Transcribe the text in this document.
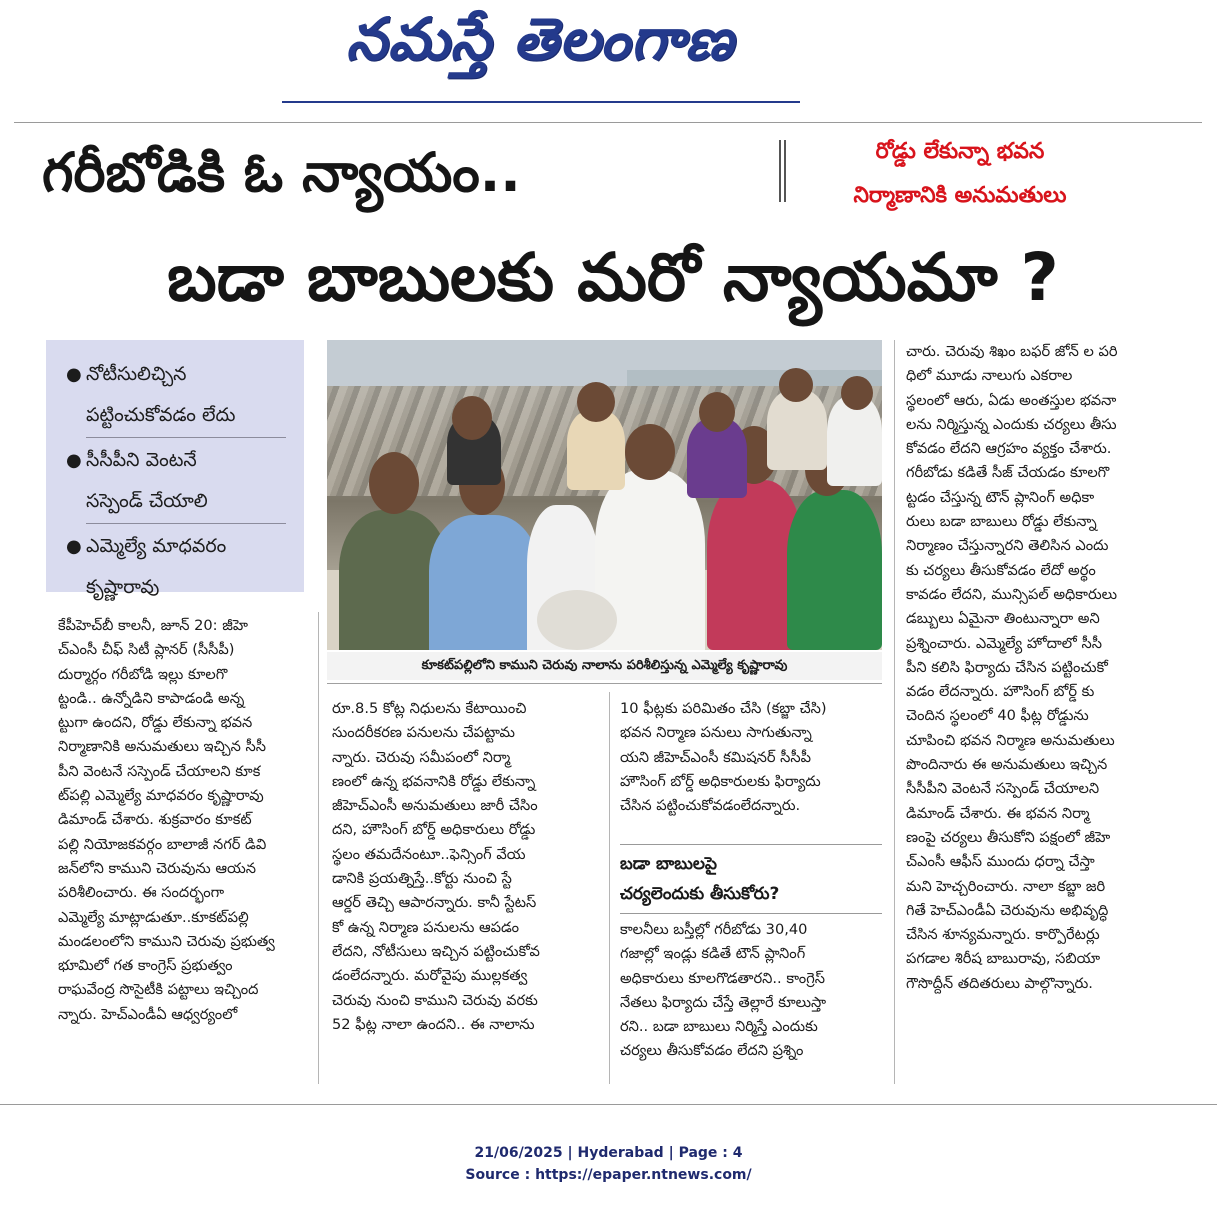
నమస్తే తెలంగాణ
గరీబోడికి ఓ న్యాయం..	రోడ్డు లేకున్నా భవన
నిర్మాణానికి అనుమతులు
బడా బాబులకు మరో న్యాయమా ?
● నోటీసులిచ్చిన
పట్టించుకోవడం లేదు
● సీసీపీని వెంటనే
సస్పెండ్ చేయాలి
● ఎమ్మెల్యే మాధవరం
కృష్ణారావు
కూకట్‌పల్లిలోని కాముని చెరువు నాలాను పరిశీలిస్తున్న ఎమ్మెల్యే కృష్ణారావు
కేపీహెచ్‌బీ కాలనీ, జూన్ 20: జీహె
చ్‌ఎంసీ చీఫ్ సిటీ ప్లానర్ (సీసీపీ)
దుర్మార్గం గరీబోడి ఇల్లు కూలగొ
ట్టండి.. ఉన్నోడిని కాపాడండి అన్న
ట్టుగా ఉందని, రోడ్డు లేకున్నా భవన
నిర్మాణానికి అనుమతులు ఇచ్చిన సీసీ
పీని వెంటనే సస్పెండ్ చేయాలని కూక
ట్‌పల్లి ఎమ్మెల్యే మాధవరం కృష్ణారావు
డిమాండ్ చేశారు. శుక్రవారం కూకట్
పల్లి నియోజకవర్గం బాలాజీ నగర్ డివి
జన్‌లోని కాముని చెరువును ఆయన
పరిశీలించారు. ఈ సందర్భంగా
ఎమ్మెల్యే మాట్లాడుతూ..కూకట్‌పల్లి
మండలంలోని కాముని చెరువు ప్రభుత్వ
భూమిలో గత కాంగ్రెస్ ప్రభుత్వం
రాఘవేంద్ర సొసైటీకి పట్టాలు ఇచ్చింద
న్నారు. హెచ్‌ఎండీఏ ఆధ్వర్యంలో
రూ.8.5 కోట్ల నిధులను కేటాయించి
సుందరీకరణ పనులను చేపట్టామ
న్నారు. చెరువు సమీపంలో నిర్మా
ణంలో ఉన్న భవనానికి రోడ్డు లేకున్నా
జీహెచ్‌ఎంసీ అనుమతులు జారీ చేసిం
దని, హౌసింగ్ బోర్డ్ అధికారులు రోడ్డు
స్థలం తమదేనంటూ..ఫెన్సింగ్ వేయ
డానికి ప్రయత్నిస్తే..కోర్టు నుంచి స్టే
ఆర్డర్ తెచ్చి ఆపారన్నారు. కానీ స్టేటస్
కో ఉన్న నిర్మాణ పనులను ఆపడం
లేదని, నోటీసులు ఇచ్చిన పట్టించుకోవ
డంలేదన్నారు. మరోవైపు ముల్లకత్వ
చెరువు నుంచి కాముని చెరువు వరకు
52 ఫీట్ల నాలా ఉందని.. ఈ నాలాను
10 ఫీట్లకు పరిమితం చేసి (కబ్జా చేసి)
భవన నిర్మాణ పనులు సాగుతున్నా
యని జీహెచ్‌ఎంసీ కమిషనర్ సీసీపీ
హౌసింగ్ బోర్డ్ అధికారులకు ఫిర్యాదు
చేసిన పట్టించుకోవడంలేదన్నారు.
బడా బాబులపై
చర్యలెందుకు తీసుకోరు?
కాలనీలు బస్తీల్లో గరీబోడు 30,40
గజాల్లో ఇండ్లు కడితే టౌన్ ప్లానింగ్
అధికారులు కూలగొడతారని.. కాంగ్రెస్
నేతలు ఫిర్యాదు చేస్తే తెల్లారే కూలుస్తా
రని.. బడా బాబులు నిర్మిస్తే ఎందుకు
చర్యలు తీసుకోవడం లేదని ప్రశ్నిం
చారు. చెరువు శిఖం బఫర్ జోన్ ల పరి
ధిలో మూడు నాలుగు ఎకరాల
స్థలంలో ఆరు, ఏడు అంతస్తుల భవనా
లను నిర్మిస్తున్న ఎందుకు చర్యలు తీసు
కోవడం లేదని ఆగ్రహం వ్యక్తం చేశారు.
గరీబోడు కడితే సీజ్ చేయడం కూలగొ
ట్టడం చేస్తున్న టౌన్ ప్లానింగ్ అధికా
రులు బడా బాబులు రోడ్డు లేకున్నా
నిర్మాణం చేస్తున్నారని తెలిసిన ఎందు
కు చర్యలు తీసుకోవడం లేదో అర్థం
కావడం లేదని, మున్సిపల్ అధికారులు
డబ్బులు ఏమైనా తింటున్నారా అని
ప్రశ్నించారు. ఎమ్మెల్యే హోదాలో సీసీ
పీని కలిసి ఫిర్యాదు చేసిన పట్టించుకో
వడం లేదన్నారు. హౌసింగ్ బోర్డ్ కు
చెందిన స్థలంలో 40 ఫీట్ల రోడ్డును
చూపించి భవన నిర్మాణ అనుమతులు
పొందినారు ఈ అనుమతులు ఇచ్చిన
సీసీపీని వెంటనే సస్పెండ్ చేయాలని
డిమాండ్ చేశారు. ఈ భవన నిర్మా
ణంపై చర్యలు తీసుకోని పక్షంలో జీహె
చ్‌ఎంసీ ఆఫీస్ ముందు ధర్నా చేస్తా
మని హెచ్చరించారు. నాలా కబ్జా జరి
గితే హెచ్‌ఎండీఏ చెరువును అభివృద్ధి
చేసిన శూన్యమన్నారు. కార్పొరేటర్లు
పగడాల శిరీష బాబురావు, సబియా
గౌసొద్దీన్ తదితరులు పాల్గొన్నారు.
21/06/2025 | Hyderabad | Page : 4
Source : https://epaper.ntnews.com/
